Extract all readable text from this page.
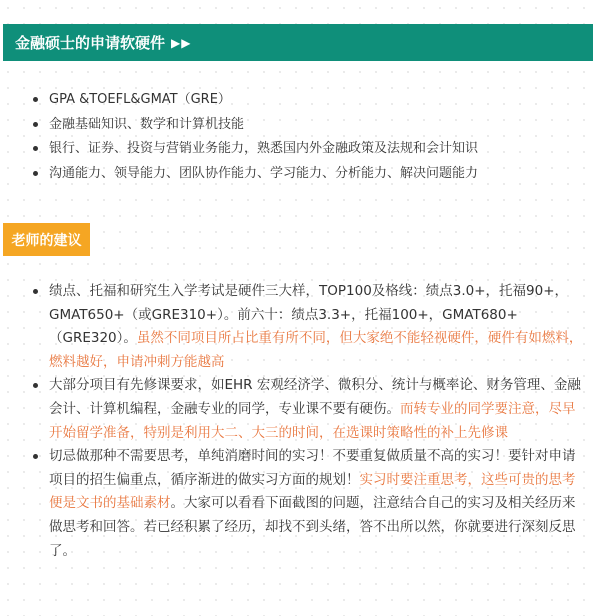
金融硕士的申请软硬件 ▶▶
GPA &TOEFL&GMAT（GRE）
金融基础知识、数学和计算机技能
银行、证券、投资与营销业务能力，熟悉国内外金融政策及法规和会计知识
沟通能力、领导能力、团队协作能力、学习能力、分析能力、解决问题能力
老师的建议
绩点、托福和研究生入学考试是硬件三大样，TOP100及格线：绩点3.0+，托福90+，GMAT650+（或GRE310+）。前六十：绩点3.3+，托福100+，GMAT680+（GRE320）。虽然不同项目所占比重有所不同，但大家绝不能轻视硬件，硬件有如燃料，燃料越好，申请冲刺方能越高
大部分项目有先修课要求，如EHR 宏观经济学、微积分、统计与概率论、财务管理、金融会计、计算机编程，金融专业的同学，专业课不要有硬伤。而转专业的同学要注意，尽早开始留学准备，特别是利用大二、大三的时间，在选课时策略性的补上先修课
切忌做那种不需要思考，单纯消磨时间的实习！不要重复做质量不高的实习！要针对申请项目的招生偏重点，循序渐进的做实习方面的规划！实习时要注重思考，这些可贵的思考便是文书的基础素材。大家可以看看下面截图的问题，注意结合自己的实习及相关经历来做思考和回答。若已经积累了经历，却找不到头绪，答不出所以然，你就要进行深刻反思了。
